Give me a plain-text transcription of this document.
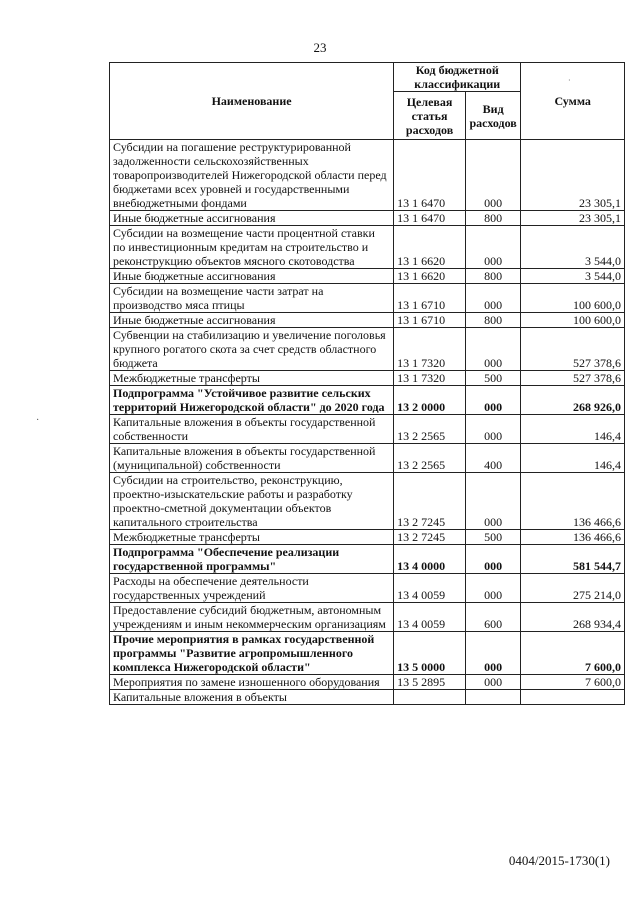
23
·
·
Наименование	Код бюджетной классификации		Сумма
	Целевая статья расходов	Вид расходов	
Субсидии на погашение реструктурированной задолженности сельскохозяйственных товаропроизводителей Нижегородской области перед бюджетами всех уровней и государственными внебюджетными фондами	13 1 6470	000	23 305,1
Иные бюджетные ассигнования	13 1 6470	800	23 305,1
Субсидии на возмещение части процентной ставки по инвестиционным кредитам на строительство и реконструкцию объектов мясного скотоводства	13 1 6620	000	3 544,0
Иные бюджетные ассигнования	13 1 6620	800	3 544,0
Субсидии на возмещение части затрат на производство мяса птицы	13 1 6710	000	100 600,0
Иные бюджетные ассигнования	13 1 6710	800	100 600,0
Субвенции на стабилизацию и увеличение поголовья крупного рогатого скота за счет средств областного бюджета	13 1 7320	000	527 378,6
Межбюджетные трансферты	13 1 7320	500	527 378,6
Подпрограмма "Устойчивое развитие сельских территорий Нижегородской области" до 2020 года	13 2 0000	000	268 926,0
Капитальные вложения в объекты государственной собственности	13 2 2565	000	146,4
Капитальные вложения в объекты государственной (муниципальной) собственности	13 2 2565	400	146,4
Субсидии на строительство, реконструкцию, проектно-изыскательские работы и разработку проектно-сметной документации объектов капитального строительства	13 2 7245	000	136 466,6
Межбюджетные трансферты	13 2 7245	500	136 466,6
Подпрограмма "Обеспечение реализации государственной программы"	13 4 0000	000	581 544,7
Расходы на обеспечение деятельности государственных учреждений	13 4 0059	000	275 214,0
Предоставление субсидий бюджетным, автономным учреждениям и иным некоммерческим организациям	13 4 0059	600	268 934,4
Прочие мероприятия в рамках государственной программы "Развитие агропромышленного комплекса Нижегородской области"	13 5 0000	000	7 600,0
Мероприятия по замене изношенного оборудования	13 5 2895	000	7 600,0
Капитальные вложения в объекты			
0404/2015-1730(1)
